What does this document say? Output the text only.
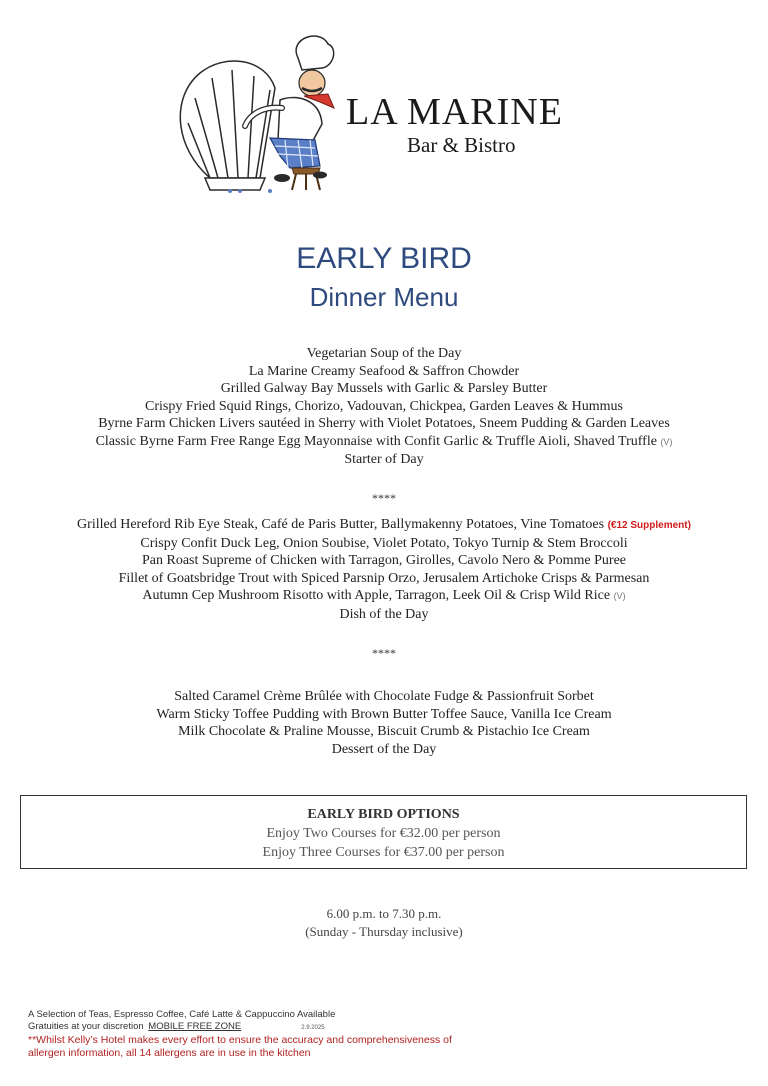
LA MARINE
Bar & Bistro
EARLY BIRD
Dinner Menu
Vegetarian Soup of the Day
La Marine Creamy Seafood & Saffron Chowder
Grilled Galway Bay Mussels with Garlic & Parsley Butter
Crispy Fried Squid Rings, Chorizo, Vadouvan, Chickpea, Garden Leaves & Hummus
Byrne Farm Chicken Livers sautéed in Sherry with Violet Potatoes, Sneem Pudding & Garden Leaves
Classic Byrne Farm Free Range Egg Mayonnaise with Confit Garlic & Truffle Aioli, Shaved Truffle (V)
Starter of Day
****
Grilled Hereford Rib Eye Steak, Café de Paris Butter, Ballymakenny Potatoes, Vine Tomatoes (€12 Supplement)
Crispy Confit Duck Leg, Onion Soubise, Violet Potato, Tokyo Turnip & Stem Broccoli
Pan Roast Supreme of Chicken with Tarragon, Girolles, Cavolo Nero & Pomme Puree
Fillet of Goatsbridge Trout with Spiced Parsnip Orzo, Jerusalem Artichoke Crisps & Parmesan
Autumn Cep Mushroom Risotto with Apple, Tarragon, Leek Oil & Crisp Wild Rice (V)
Dish of the Day
****
Salted Caramel Crème Brûlée with Chocolate Fudge & Passionfruit Sorbet
Warm Sticky Toffee Pudding with Brown Butter Toffee Sauce, Vanilla Ice Cream
Milk Chocolate & Praline Mousse, Biscuit Crumb & Pistachio Ice Cream
Dessert of the Day
EARLY BIRD OPTIONS
Enjoy Two Courses for €32.00 per person
Enjoy Three Courses for €37.00 per person
6.00 p.m. to 7.30 p.m.
(Sunday - Thursday inclusive)
A Selection of Teas, Espresso Coffee, Café Latte & Cappuccino Available
Gratuities at your discretion MOBILE FREE ZONE	2.9.2025
**Whilst Kelly’s Hotel makes every effort to ensure the accuracy and comprehensiveness of
allergen information, all 14 allergens are in use in the kitchen
